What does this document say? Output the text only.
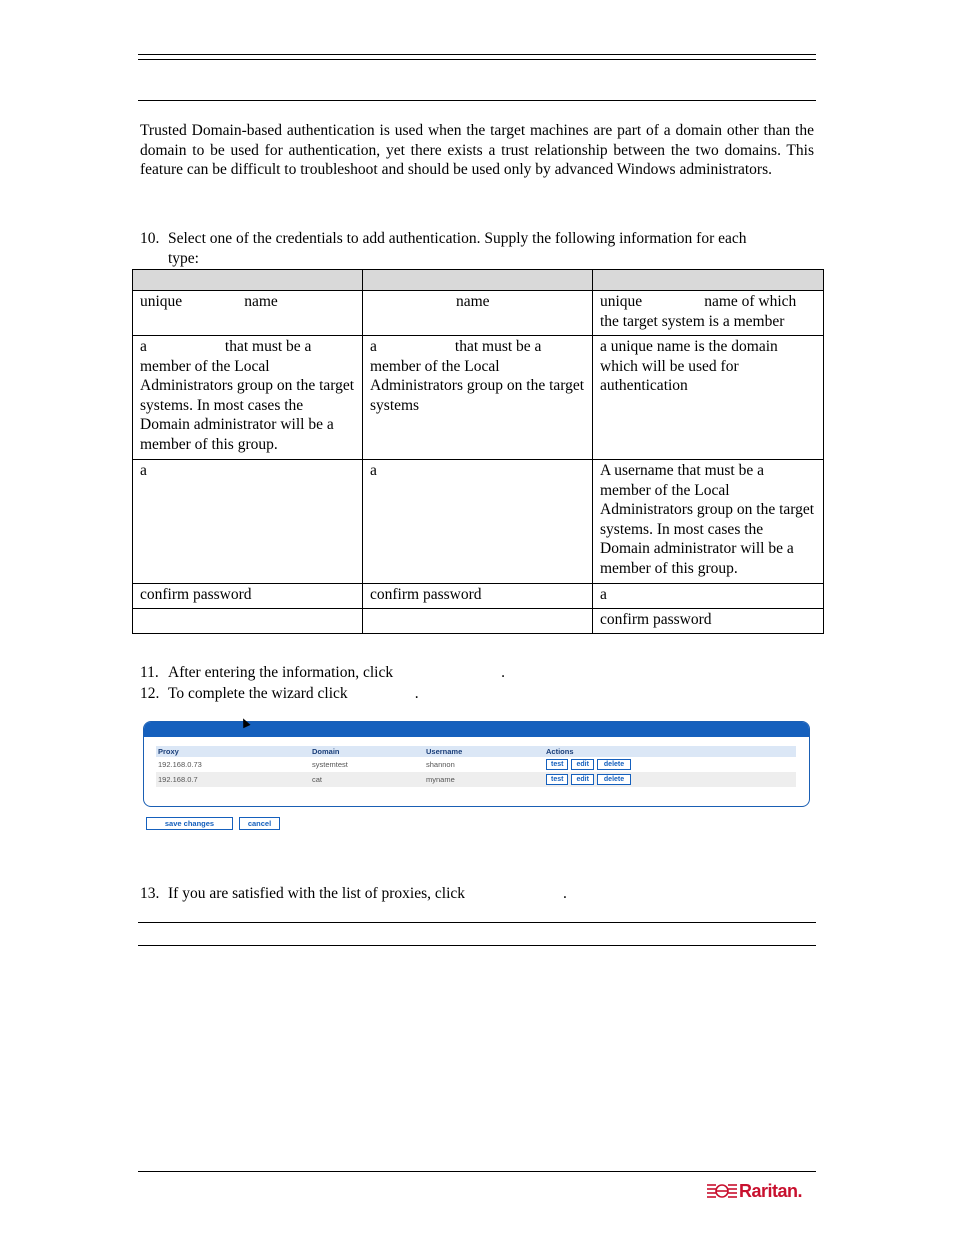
Trusted Domain-based authentication is used when the target machines are part of a domain other than the domain to be used for authentication, yet there exists a trust relationship between the two domains. This feature can be difficult to troubleshoot and should be used only by advanced Windows administrators.
10. Select one of the credentials to add authentication. Supply the following information for each
type:

unique name	name	unique name of which the target system is a member
a that must be a member of the Local Administrators group on the target systems. In most cases the Domain administrator will be a member of this group.	a that must be a member of the Local Administrators group on the target systems	a unique name is the domain which will be used for authentication
a	a	A username that must be a member of the Local Administrators group on the target systems. In most cases the Domain administrator will be a member of this group.
confirm password	confirm password	a
		confirm password
11. After entering the information, click	.
12. To complete the wizard click	.
Proxy	Domain	Username	Actions
192.168.0.73	systemtest	shannon	test edit delete
192.168.0.7	cat	myname	test edit delete
save changes	cancel
13. If you are satisfied with the list of proxies, click	.
Raritan.
